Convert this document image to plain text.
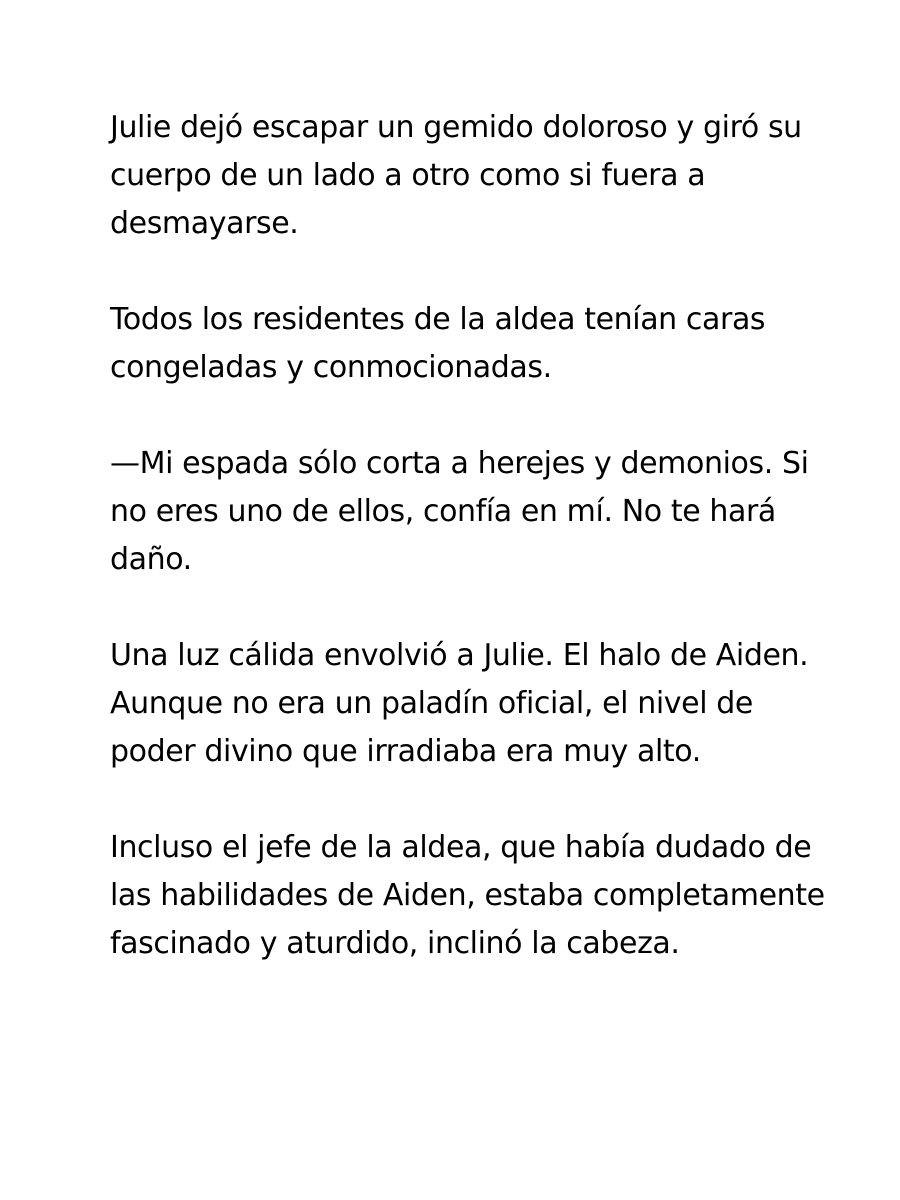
Julie dejó escapar un gemido doloroso y giró su cuerpo de un lado a otro como si fuera a desmayarse.

Todos los residentes de la aldea tenían caras congeladas y conmocionadas.

—Mi espada sólo corta a herejes y demonios. Si no eres uno de ellos, confía en mí. No te hará daño.

Una luz cálida envolvió a Julie. El halo de Aiden. Aunque no era un paladín oficial, el nivel de poder divino que irradiaba era muy alto.

Incluso el jefe de la aldea, que había dudado de las habilidades de Aiden, estaba completamente fascinado y aturdido, inclinó la cabeza.
